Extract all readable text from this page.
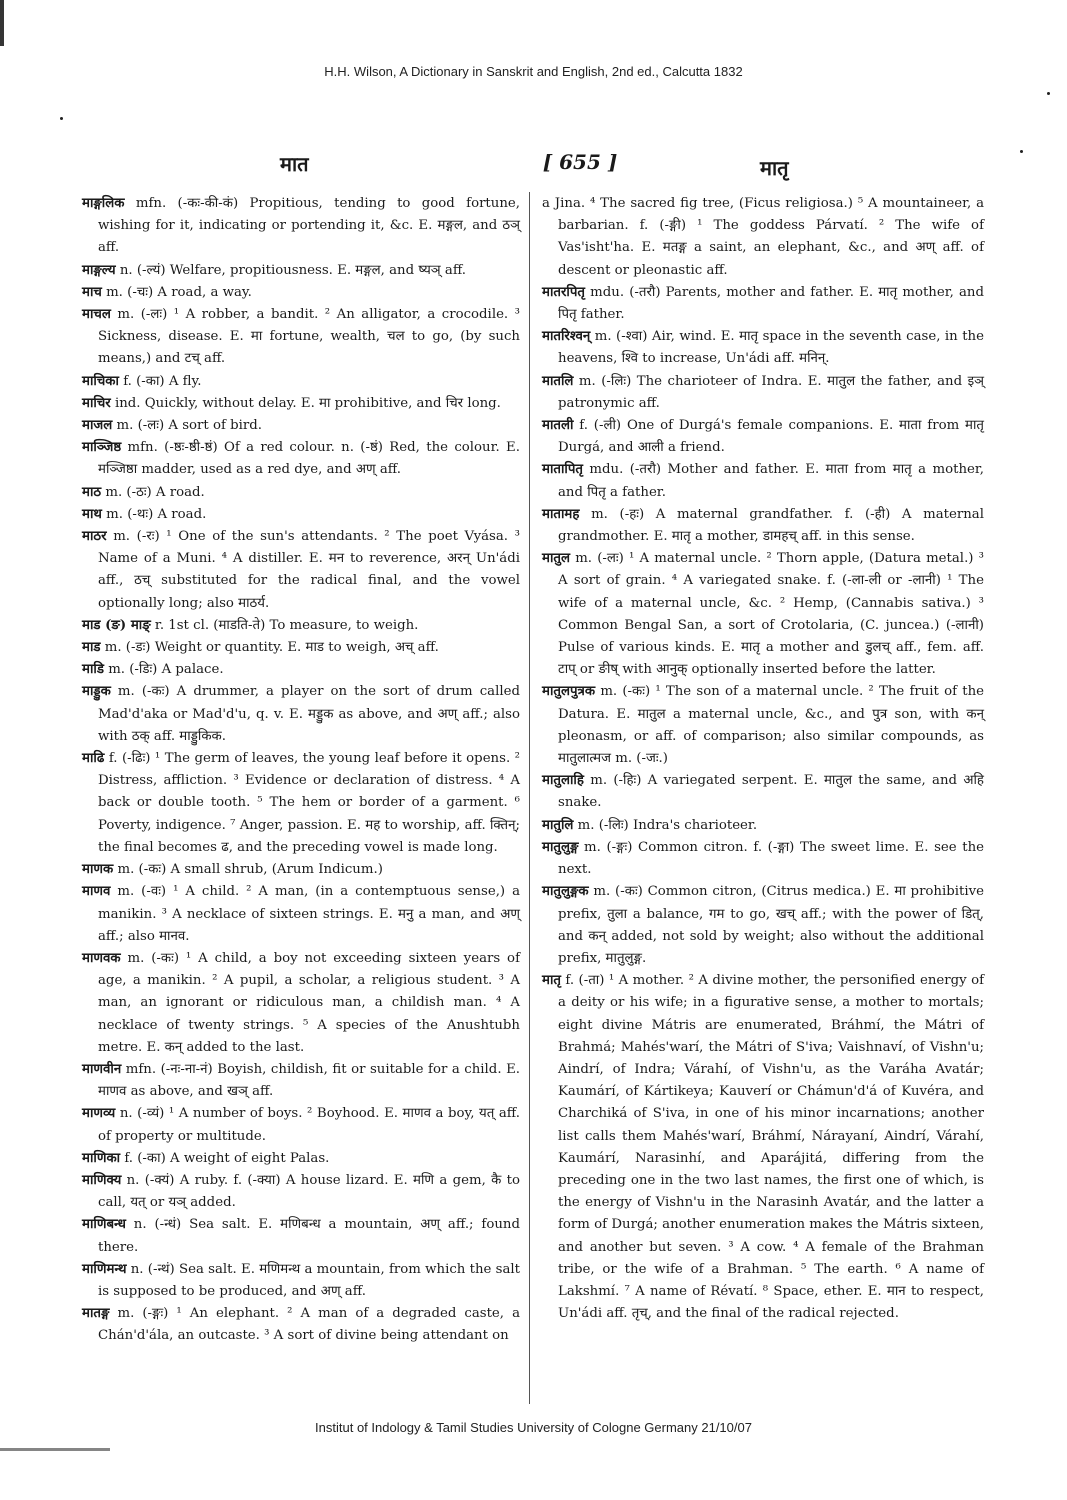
H.H. Wilson, A Dictionary in Sanskrit and English, 2nd ed., Calcutta 1832
मात	[ 655 ]	मातृ

माङ्गलिक mfn. (-कः-की-कं) Propitious, tending to good fortune, wishing for it, indicating or portending it, &c. E. मङ्गल, and ठञ् aff.

माङ्गल्य n. (-ल्यं) Welfare, propitiousness. E. मङ्गल, and ष्यञ् aff.

माच m. (-चः) A road, a way.

माचल m. (-लः) ¹ A robber, a bandit. ² An alligator, a crocodile. ³ Sickness, disease. E. मा fortune, wealth, चल to go, (by such means,) and टच् aff.

माचिका f. (-का) A fly.

माचिर ind. Quickly, without delay. E. मा prohibitive, and चिर long.

माजल m. (-लः) A sort of bird.

माञ्जिष्ठ mfn. (-ष्ठः-ष्ठी-ष्ठं) Of a red colour. n. (-ष्ठं) Red, the colour. E. मञ्जिष्ठा madder, used as a red dye, and अण् aff.

माठ m. (-ठः) A road.

माथ m. (-थः) A road.

माठर m. (-रः) ¹ One of the sun's attendants. ² The poet Vyása. ³ Name of a Muni. ⁴ A distiller. E. मन to reverence, अरन् Un'ádi aff., ठच् substituted for the radical final, and the vowel optionally long; also माठर्य.

माड (ङ) माङ् r. 1st cl. (माडति-ते) To measure, to weigh.

माड m. (-डः) Weight or quantity. E. माड to weigh, अच् aff.

माडि m. (-डिः) A palace.

माड्डुक m. (-कः) A drummer, a player on the sort of drum called Mad'd'aka or Mad'd'u, q. v. E. मड्डुक as above, and अण् aff.; also with ठक् aff. माड्डुकिक.

माढि f. (-ढिः) ¹ The germ of leaves, the young leaf before it opens. ² Distress, affliction. ³ Evidence or declaration of distress. ⁴ A back or double tooth. ⁵ The hem or border of a garment. ⁶ Poverty, indigence. ⁷ Anger, passion. E. मह to worship, aff. क्तिन्; the final becomes ढ, and the preceding vowel is made long.

माणक m. (-कः) A small shrub, (Arum Indicum.)

माणव m. (-वः) ¹ A child. ² A man, (in a contemptuous sense,) a manikin. ³ A necklace of sixteen strings. E. मनु a man, and अण् aff.; also मानव.

माणवक m. (-कः) ¹ A child, a boy not exceeding sixteen years of age, a manikin. ² A pupil, a scholar, a religious student. ³ A man, an ignorant or ridiculous man, a childish man. ⁴ A necklace of twenty strings. ⁵ A species of the Anushtubh metre. E. कन् added to the last.

माणवीन mfn. (-नः-ना-नं) Boyish, childish, fit or suitable for a child. E. माणव as above, and खञ् aff.

माणव्य n. (-व्यं) ¹ A number of boys. ² Boyhood. E. माणव a boy, यत् aff. of property or multitude.

माणिका f. (-का) A weight of eight Palas.

माणिक्य n. (-क्यं) A ruby. f. (-क्या) A house lizard. E. मणि a gem, कै to call, यत् or यञ् added.

माणिबन्ध n. (-न्धं) Sea salt. E. मणिबन्ध a mountain, अण् aff.; found there.

माणिमन्थ n. (-न्थं) Sea salt. E. मणिमन्थ a mountain, from which the salt is supposed to be produced, and अण् aff.

मातङ्ग m. (-ङ्गः) ¹ An elephant. ² A man of a degraded caste, a Chán'd'ála, an outcaste. ³ A sort of divine being attendant on

a Jina. ⁴ The sacred fig tree, (Ficus religiosa.) ⁵ A mountaineer, a barbarian. f. (-ङ्गी) ¹ The goddess Párvatí. ² The wife of Vas'isht'ha. E. मतङ्ग a saint, an elephant, &c., and अण् aff. of descent or pleonastic aff.

मातरपितृ mdu. (-तरौ) Parents, mother and father. E. मातृ mother, and पितृ father.

मातरिश्वन् m. (-श्वा) Air, wind. E. मातृ space in the seventh case, in the heavens, श्वि to increase, Un'ádi aff. मनिन्.

मातलि m. (-लिः) The charioteer of Indra. E. मातुल the father, and इञ् patronymic aff.

मातली f. (-ली) One of Durgá's female companions. E. माता from मातृ Durgá, and आली a friend.

मातापितृ mdu. (-तरौ) Mother and father. E. माता from मातृ a mother, and पितृ a father.

मातामह m. (-हः) A maternal grandfather. f. (-ही) A maternal grandmother. E. मातृ a mother, डामहच् aff. in this sense.

मातुल m. (-लः) ¹ A maternal uncle. ² Thorn apple, (Datura metal.) ³ A sort of grain. ⁴ A variegated snake. f. (-ला-ली or -लानी) ¹ The wife of a maternal uncle, &c. ² Hemp, (Cannabis sativa.) ³ Common Bengal San, a sort of Crotolaria, (C. juncea.) (-लानी) Pulse of various kinds. E. मातृ a mother and डुलच् aff., fem. aff. टाप् or ङीष् with आनुक् optionally inserted before the latter.

मातुलपुत्रक m. (-कः) ¹ The son of a maternal uncle. ² The fruit of the Datura. E. मातुल a maternal uncle, &c., and पुत्र son, with कन् pleonasm, or aff. of comparison; also similar compounds, as मातुलात्मज m. (-जः.)

मातुलाहि m. (-हिः) A variegated serpent. E. मातुल the same, and अहि snake.

मातुलि m. (-लिः) Indra's charioteer.

मातुलुङ्ग m. (-ङ्गः) Common citron. f. (-ङ्गा) The sweet lime. E. see the next.

मातुलुङ्गक m. (-कः) Common citron, (Citrus medica.) E. मा prohibitive prefix, तुला a balance, गम to go, खच् aff.; with the power of डित्, and कन् added, not sold by weight; also without the additional prefix, मातुलुङ्ग.

मातृ f. (-ता) ¹ A mother. ² A divine mother, the personified energy of a deity or his wife; in a figurative sense, a mother to mortals; eight divine Mátris are enumerated, Bráhmí, the Mátri of Brahmá; Mahés'warí, the Mátri of S'iva; Vaishnaví, of Vishn'u; Aindrí, of Indra; Várahí, of Vishn'u, as the Varáha Avatár; Kaumárí, of Kártikeya; Kauverí or Chámun'd'á of Kuvéra, and Charchiká of S'iva, in one of his minor incarnations; another list calls them Mahés'warí, Bráhmí, Nárayaní, Aindrí, Várahí, Kaumárí, Narasinhí, and Aparájitá, differing from the preceding one in the two last names, the first one of which, is the energy of Vishn'u in the Narasinh Avatár, and the latter a form of Durgá; another enumeration makes the Mátris sixteen, and another but seven. ³ A cow. ⁴ A female of the Brahman tribe, or the wife of a Brahman. ⁵ The earth. ⁶ A name of Lakshmí. ⁷ A name of Révatí. ⁸ Space, ether. E. मान to respect, Un'ádi aff. तृच्, and the final of the radical rejected.

Institut of Indology & Tamil Studies University of Cologne Germany 21/10/07
